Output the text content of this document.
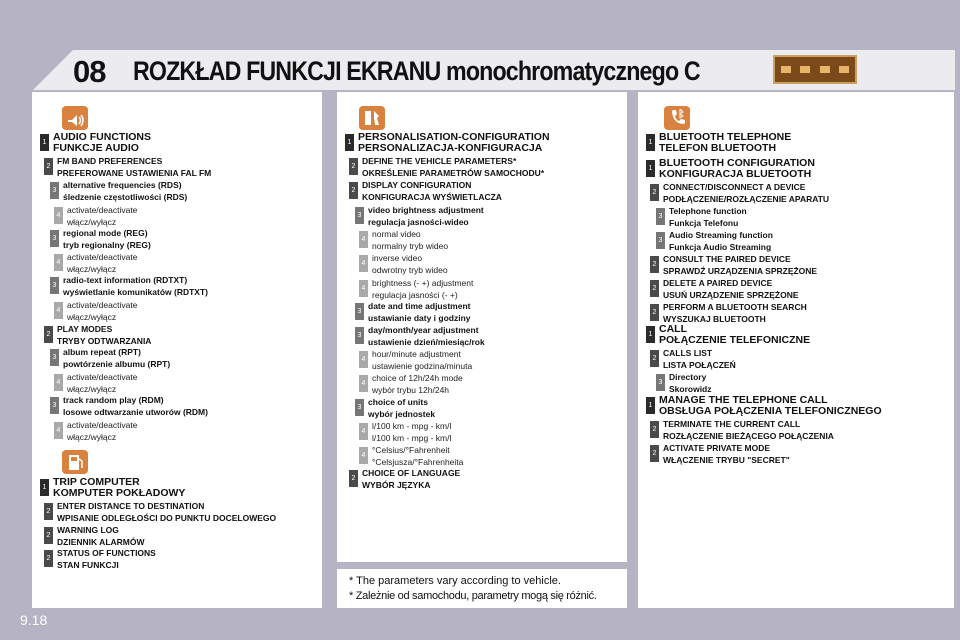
08 ROZKŁAD FUNKCJI EKRANU monochromatycznego C
1 AUDIO FUNCTIONS
FUNKCJE AUDIO
2
FM BAND PREFERENCES
PREFEROWANE USTAWIENIA FAL FM
3
alternative frequencies (RDS)
śledzenie częstotliwości (RDS)
4
activate/deactivate
włącz/wyłącz
3
regional mode (REG)
tryb regionalny (REG)
4
activate/deactivate
włącz/wyłącz
3
radio-text information (RDTXT)
wyświetlanie komunikatów (RDTXT)
4
activate/deactivate
włącz/wyłącz
2
PLAY MODES
TRYBY ODTWARZANIA
3
album repeat (RPT)
powtórzenie albumu (RPT)
4
activate/deactivate
włącz/wyłącz
3
track random play (RDM)
losowe odtwarzanie utworów (RDM)
4
activate/deactivate
włącz/wyłącz
1 TRIP COMPUTER
KOMPUTER POKŁADOWY
2
ENTER DISTANCE TO DESTINATION
WPISANIE ODLEGŁOŚCI DO PUNKTU DOCELOWEGO
2
WARNING LOG
DZIENNIK ALARMÓW
2
STATUS OF FUNCTIONS
STAN FUNKCJI
1 PERSONALISATION-CONFIGURATION
PERSONALIZACJA-KONFIGURACJA
2
DEFINE THE VEHICLE PARAMETERS*
OKREŚLENIE PARAMETRÓW SAMOCHODU*
2
DISPLAY CONFIGURATION
KONFIGURACJA WYŚWIETLACZA
3
video brightness adjustment
regulacja jasności-wideo
4
normal video
normalny tryb wideo
4
inverse video
odwrotny tryb wideo
4
brightness (- +) adjustment
regulacja jasności (- +)
3
date and time adjustment
ustawianie daty i godziny
3
day/month/year adjustment
ustawienie dzień/miesiąc/rok
4
hour/minute adjustment
ustawienie godzina/minuta
4
choice of 12h/24h mode
wybór trybu 12h/24h
3
choice of units
wybór jednostek
4
l/100 km - mpg - km/l
l/100 km - mpg - km/l
4
°Celsius/°Fahrenheit
°Celsjusza/°Fahrenheita
2
CHOICE OF LANGUAGE
WYBÓR JĘZYKA
1 BLUETOOTH TELEPHONE
TELEFON BLUETOOTH
1 BLUETOOTH CONFIGURATION
KONFIGURACJA BLUETOOTH
2
CONNECT/DISCONNECT A DEVICE
PODŁĄCZENIE/ROZŁĄCZENIE APARATU
3
Telephone function
Funkcja Telefonu
3
Audio Streaming function
Funkcja Audio Streaming
2
CONSULT THE PAIRED DEVICE
SPRAWDŹ URZĄDZENIA SPRZĘŻONE
2
DELETE A PAIRED DEVICE
USUŃ URZĄDZENIE SPRZĘŻONE
2
PERFORM A BLUETOOTH SEARCH
WYSZUKAJ BLUETOOTH
1 CALL
POŁĄCZENIE TELEFONICZNE
2
CALLS LIST
LISTA POŁĄCZEŃ
3
Directory
Skorowidz
1 MANAGE THE TELEPHONE CALL
OBSŁUGA POŁĄCZENIA TELEFONICZNEGO
2
TERMINATE THE CURRENT CALL
ROZŁĄCZENIE BIEŻĄCEGO POŁĄCZENIA
2
ACTIVATE PRIVATE MODE
WŁĄCZENIE TRYBU "SECRET"
* The parameters vary according to vehicle.
* Zależnie od samochodu, parametry mogą się różnić.
9.18
